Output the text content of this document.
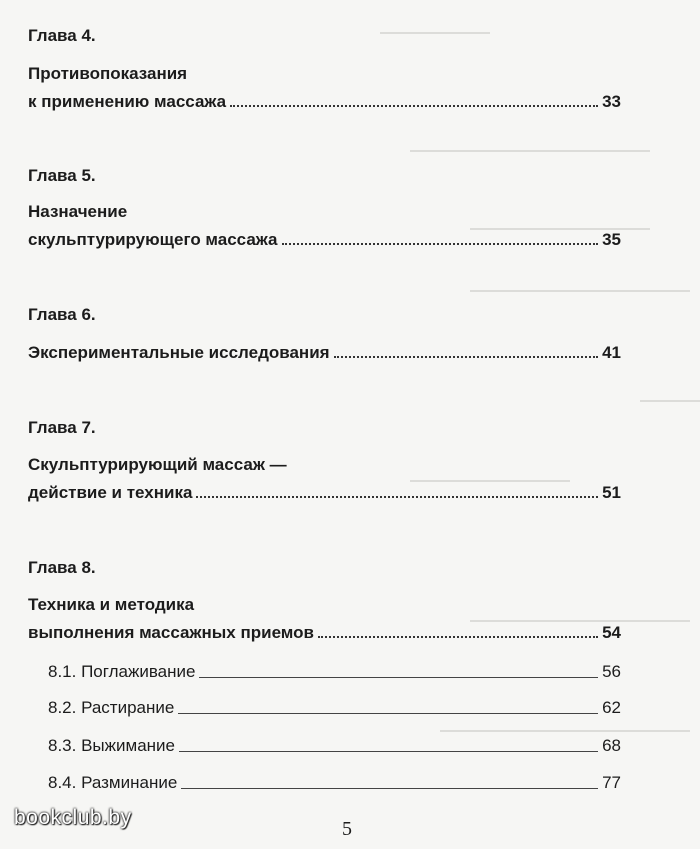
Глава 4.
Противопоказания
к применению массажа	33
Глава 5.
Назначение
скульптурирующего массажа	35
Глава 6.
Экспериментальные исследования	41
Глава 7.
Скульптурирующий массаж —
действие и техника	51
Глава 8.
Техника и методика
выполнения массажных приемов	54
8.1. Поглаживание	56
8.2. Растирание	62
8.3. Выжимание	68
8.4. Разминание	77
bookclub.by	5
